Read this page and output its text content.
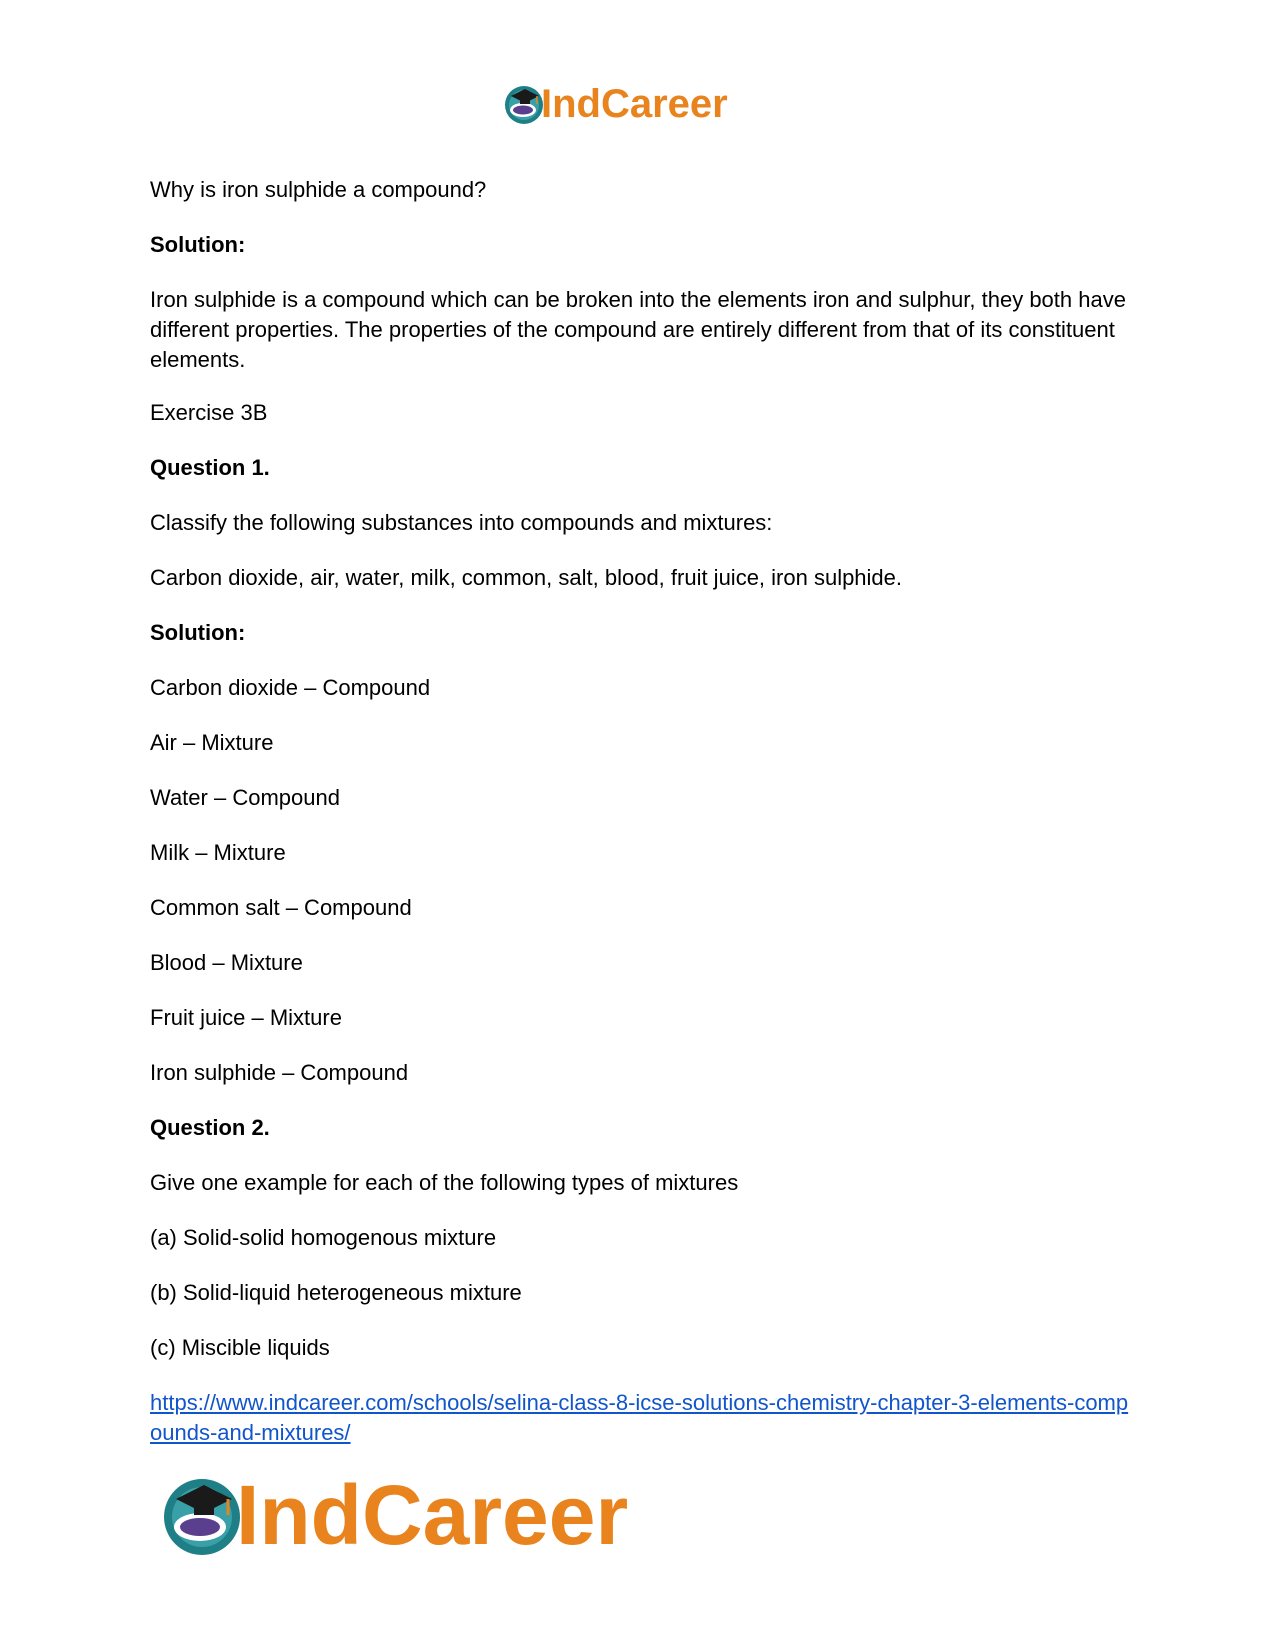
IndCareer

Why is iron sulphide a compound?

Solution:

Iron sulphide is a compound which can be broken into the elements iron and sulphur, they both have different properties. The properties of the compound are entirely different from that of its constituent elements.

Exercise 3B

Question 1.

Classify the following substances into compounds and mixtures:

Carbon dioxide, air, water, milk, common, salt, blood, fruit juice, iron sulphide.

Solution:

Carbon dioxide – Compound

Air – Mixture

Water – Compound

Milk – Mixture

Common salt – Compound

Blood – Mixture

Fruit juice – Mixture

Iron sulphide – Compound

Question 2.

Give one example for each of the following types of mixtures

(a) Solid-solid homogenous mixture

(b) Solid-liquid heterogeneous mixture

(c) Miscible liquids

https://www.indcareer.com/schools/selina-class-8-icse-solutions-chemistry-chapter-3-elements-compounds-and-mixtures/
IndCareer
